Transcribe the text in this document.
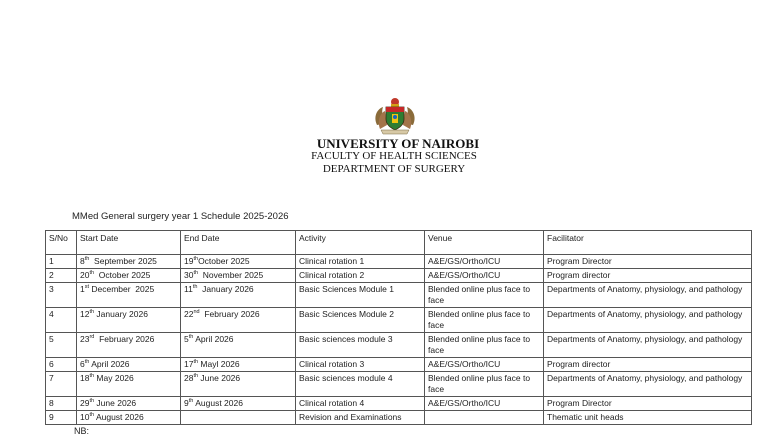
UNIVERSITY OF NAIROBI
FACULTY OF HEALTH SCIENCES
DEPARTMENT OF SURGERY
MMed General surgery year 1 Schedule 2025-2026
S/No	Start Date	End Date	Activity	Venue	Facilitator
1	8th  September 2025	19thOctober 2025	Clinical rotation 1	A&E/GS/Ortho/ICU	Program Director
2	20th  October 2025	30th  November 2025	Clinical rotation 2	A&E/GS/Ortho/ICU	Program director
3	1st December  2025	11th  January 2026	Basic Sciences Module 1	Blended online plus face to face	Departments of Anatomy, physiology, and pathology
4	12th January 2026	22nd  February 2026	Basic Sciences Module 2	Blended online plus face to face	Departments of Anatomy, physiology, and pathology
5	23rd  February 2026	5th April 2026	Basic sciences module 3	Blended online plus face to face	Departments of Anatomy, physiology, and pathology
6	6th April 2026	17th Mayl 2026	Clinical rotation 3	A&E/GS/Ortho/ICU	Program director
7	18th May 2026	28th June 2026	Basic sciences module 4	Blended online plus face to face	Departments of Anatomy, physiology, and pathology
8	29th June 2026	9th August 2026	Clinical rotation 4	A&E/GS/Ortho/ICU	Program Director
9	10th August 2026		Revision and Examinations		Thematic unit heads
NB:
